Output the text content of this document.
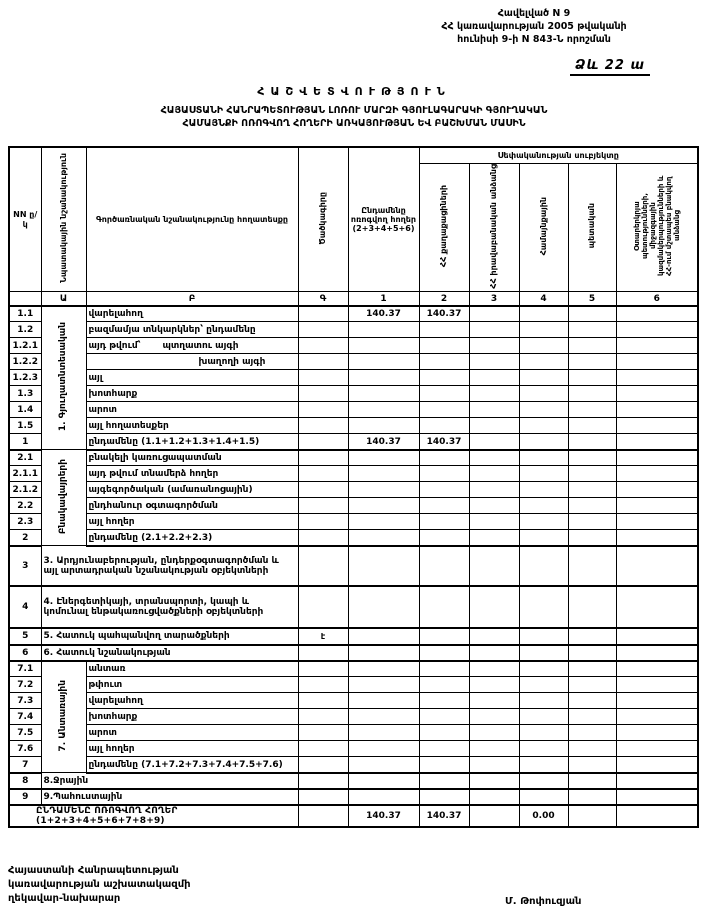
Հավելված N 9
ՀՀ կառավարության 2005 թվականի
հունիսի 9-ի N 843-Ն որոշման
Ձև 22 ա
ՀԱՇՎԵՏՎՈՒԹՅՈՒՆ
ՀԱՅԱՍՏԱՆԻ ՀԱՆՐԱՊԵՏՈՒԹՅԱՆ ԼՈՌՈՒ ՄԱՐԶԻ ԳՅՈՒԼԱԳԱՐԱԿԻ ԳՅՈՒՂԱԿԱՆ
ՀԱՄԱՅՆՔԻ ՈՌՈԳՎՈՂ ՀՈՂԵՐԻ ԱՌԿԱՅՈՒԹՅԱՆ ԵՎ ԲԱՇԽՄԱՆ ՄԱՍԻՆ
NN ը/կ	Նպատակային նշանակություն	Գործառնական նշանակությունը հողատեսքը	Ծածկագիրը	Ընդամենը ոռոգվող հողեր (2+3+4+5+6)	Սեփականության սուբյեկտը				
					ՀՀ քաղաքացիների	ՀՀ իրավաբանական անձանց	Համայնքային	պետական	Օտարերկրյա պետությունների, միջազգային կազմակերպությունների և ՀՀ-ում մշտապես բնակվող անձանց
	Ա	Բ	Գ	1	2	3	4	5	6
1.1	1. Գյուղատնտեսական	վարելահող		140.37	140.37				
1.2		բազմամյա տնկարկներ՝ ընդամենը							
1.2.1		այդ թվում՝ պտղատու այգի							

1.2.2		խաղողի այգի							
1.2.3		այլ							
1.3		խոտհարք							
1.4		արոտ							
1.5		այլ հողատեսքեր							
1		ընդամենը (1.1+1.2+1.3+1.4+1.5)		140.37	140.37				
2.1	Բնակավայրերի	բնակելի կառուցապատման							
2.1.1		այդ թվում տնամերձ հողեր							
2.1.2		այգեգործական (ամառանոցային)							
2.2		ընդհանուր օգտագործման							
2.3		այլ հողեր							
2		ընդամենը (2.1+2.2+2.3)							
3	3. Արդյունաբերության, ընդերքօգտագործման և այլ արտադրական նշանակության օբյեկտների								
4	4. Էներգետիկայի, տրանսպորտի, կապի և կոմունալ ենթակառուցվածքների օբյեկտների								
5	5. Հատուկ պահպանվող տարածքների		է						
6	6. Հատուկ նշանակության								
7.1	7. Անտառային	անտառ							
7.2		թփուտ							
7.3		վարելահող							
7.4		խոտհարք							
7.5		արոտ							
7.6		այլ հողեր							
7		ընդամենը (7.1+7.2+7.3+7.4+7.5+7.6)							
8	8.Ջրային								
9	9.Պահուստային								
ԸՆԴԱՄԵՆԸ ՈՌՈԳՎՈՂ ՀՈՂԵՐ (1+2+3+4+5+6+7+8+9)				140.37	140.37		0.00		
Հայաստանի Հանրապետության
կառավարության աշխատակազմի
ղեկավար-նախարար	Մ. Թոփուզյան
